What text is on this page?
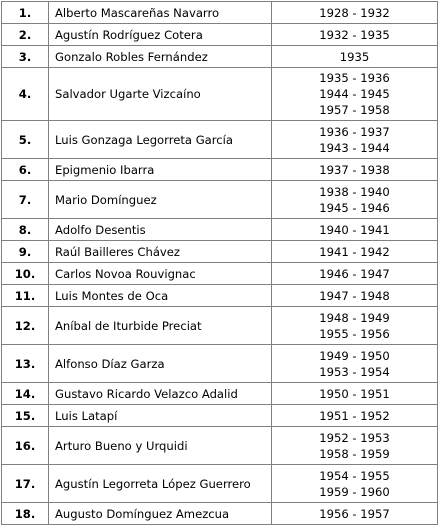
1.	Alberto Mascareñas Navarro	1928 - 1932

2.	Agustín Rodríguez Cotera	1932 - 1935

3.	Gonzalo Robles Fernández	1935

4.	Salvador Ugarte Vizcaíno	1935 - 1936
1944 - 1945
1957 - 1958

5.	Luis Gonzaga Legorreta García	1936 - 1937
1943 - 1944

6.	Epigmenio Ibarra	1937 - 1938

7.	Mario Domínguez	1938 - 1940
1945 - 1946

8.	Adolfo Desentis	1940 - 1941

9.	Raúl Bailleres Chávez	1941 - 1942

10.	Carlos Novoa Rouvignac	1946 - 1947

11.	Luis Montes de Oca	1947 - 1948

12.	Aníbal de Iturbide Preciat	1948 - 1949
1955 - 1956

13.	Alfonso Díaz Garza	1949 - 1950
1953 - 1954

14.	Gustavo Ricardo Velazco Adalid	1950 - 1951

15.	Luis Latapí	1951 - 1952

16.	Arturo Bueno y Urquidi	1952 - 1953
1958 - 1959

17.	Agustín Legorreta López Guerrero	1954 - 1955
1959 - 1960

18.	Augusto Domínguez Amezcua	1956 - 1957
